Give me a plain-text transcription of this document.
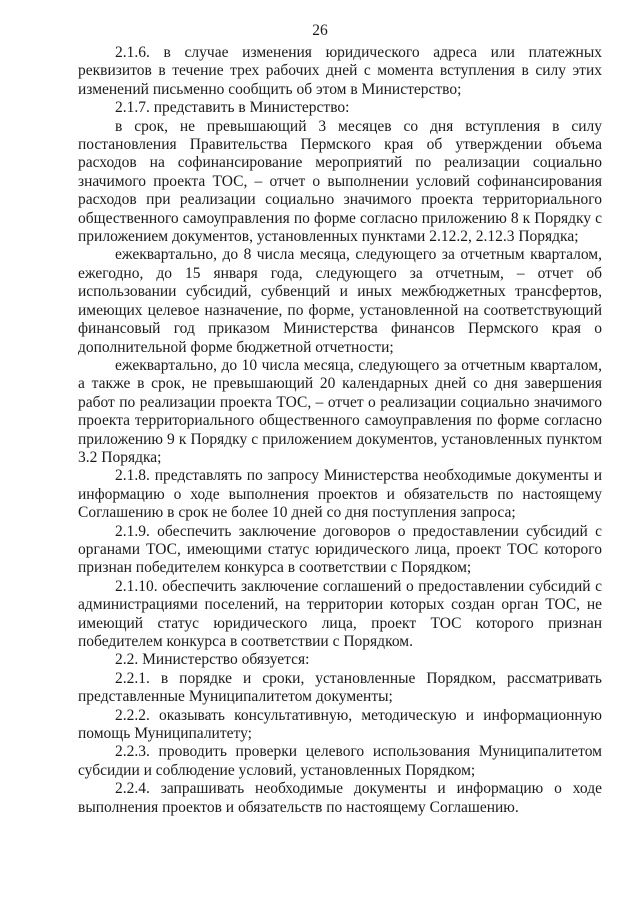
26

2.1.6. в случае изменения юридического адреса или платежных реквизитов в течение трех рабочих дней с момента вступления в силу этих изменений письменно сообщить об этом в Министерство;

2.1.7. представить в Министерство:

в срок, не превышающий 3 месяцев со дня вступления в силу постановления Правительства Пермского края об утверждении объема расходов на софинансирование мероприятий по реализации социально значимого проекта ТОС, – отчет о выполнении условий софинансирования расходов при реализации социально значимого проекта территориального общественного самоуправления по форме согласно приложению 8 к Порядку с приложением документов, установленных пунктами 2.12.2, 2.12.3 Порядка;

ежеквартально, до 8 числа месяца, следующего за отчетным кварталом, ежегодно, до 15 января года, следующего за отчетным, – отчет об использовании субсидий, субвенций и иных межбюджетных трансфертов, имеющих целевое назначение, по форме, установленной на соответствующий финансовый год приказом Министерства финансов Пермского края о дополнительной форме бюджетной отчетности;

ежеквартально, до 10 числа месяца, следующего за отчетным кварталом, а также в срок, не превышающий 20 календарных дней со дня завершения работ по реализации проекта ТОС, – отчет о реализации социально значимого проекта территориального общественного самоуправления по форме согласно приложению 9 к Порядку с приложением документов, установленных пунктом 3.2 Порядка;

2.1.8. представлять по запросу Министерства необходимые документы и информацию о ходе выполнения проектов и обязательств по настоящему Соглашению в срок не более 10 дней со дня поступления запроса;

2.1.9. обеспечить заключение договоров о предоставлении субсидий с органами ТОС, имеющими статус юридического лица, проект ТОС которого признан победителем конкурса в соответствии с Порядком;

2.1.10. обеспечить заключение соглашений о предоставлении субсидий с администрациями поселений, на территории которых создан орган ТОС, не имеющий статус юридического лица, проект ТОС которого признан победителем конкурса в соответствии с Порядком.

2.2. Министерство обязуется:

2.2.1. в порядке и сроки, установленные Порядком, рассматривать представленные Муниципалитетом документы;

2.2.2. оказывать консультативную, методическую и информационную помощь Муниципалитету;

2.2.3. проводить проверки целевого использования Муниципалитетом субсидии и соблюдение условий, установленных Порядком;

2.2.4. запрашивать необходимые документы и информацию о ходе выполнения проектов и обязательств по настоящему Соглашению.
